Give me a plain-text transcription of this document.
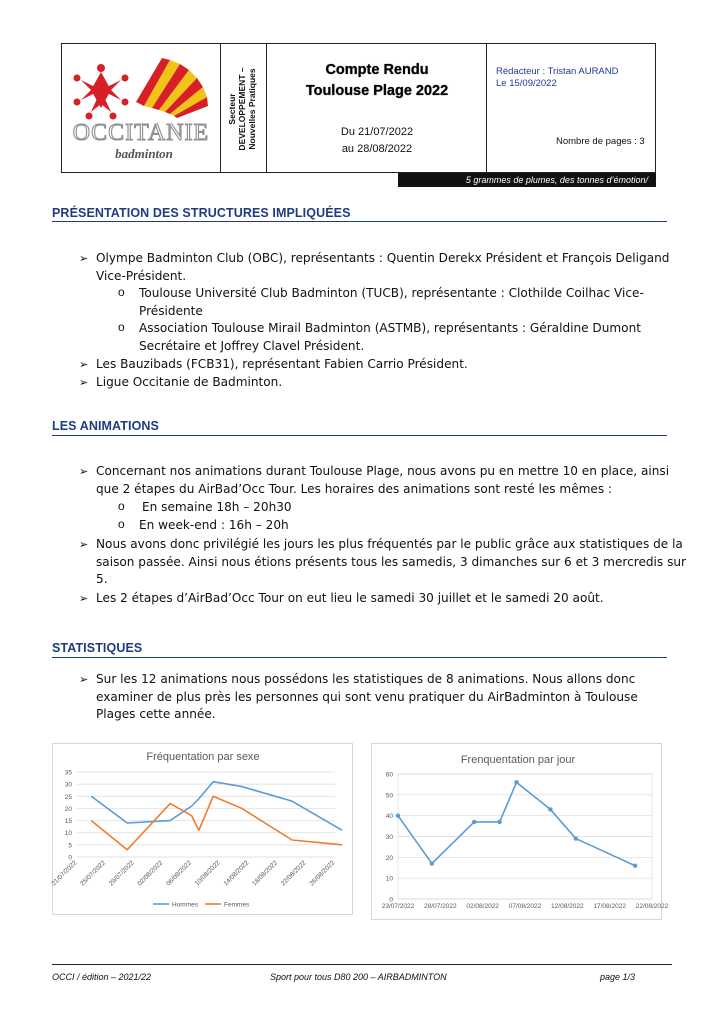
OCCITANIE
badminton
Secteur DEVELOPPEMENT – Nouvelles Pratiques	Compte Rendu
Toulouse Plage 2022
Du 21/07/2022
au 28/08/2022
Rédacteur : Tristan AURAND
Le 15/09/2022
Nombre de pages : 3
5 grammes de plumes, des tonnes d’émotion/
PRÉSENTATION DES STRUCTURES IMPLIQUÉES
➢ Olympe Badminton Club (OBC), représentants : Quentin Derekx Président et François Deligand
Vice-Président.
o Toulouse Université Club Badminton (TUCB), représentante : Clothilde Coilhac Vice-
Présidente
o Association Toulouse Mirail Badminton (ASTMB), représentants : Géraldine Dumont
Secrétaire et Joffrey Clavel Président.
➢ Les Bauzibads (FCB31), représentant Fabien Carrio Président.
➢ Ligue Occitanie de Badminton.
LES ANIMATIONS
➢ Concernant nos animations durant Toulouse Plage, nous avons pu en mettre 10 en place, ainsi
que 2 étapes du AirBad’Occ Tour. Les horaires des animations sont resté les mêmes :
o En semaine 18h – 20h30
o En week-end : 16h – 20h
➢ Nous avons donc privilégié les jours les plus fréquentés par le public grâce aux statistiques de la
saison passée. Ainsi nous étions présents tous les samedis, 3 dimanches sur 6 et 3 mercredis sur
5.
➢ Les 2 étapes d’AirBad’Occ Tour on eut lieu le samedi 30 juillet et le samedi 20 août.
STATISTIQUES
➢ Sur les 12 animations nous possédons les statistiques de 8 animations. Nous allons donc
examiner de plus près les personnes qui sont venu pratiquer du AirBadminton à Toulouse
Plages cette année.
Fréquentation par sexe
0
5
10
15
20
25
30
35
21/07/2022 25/07/2022 29/07/2022 02/08/2022 06/08/2022 10/08/2022 14/08/2022 18/08/2022 22/08/2022 26/08/2022
Hommes	Femmes
Frenquentation par jour
0
10
20
30
40
50
60
23/07/2022 28/07/2022 02/08/2022 07/08/2022 12/08/2022 17/08/2022 22/08/2022
OCCI / édition – 2021/22	Sport pour tous D80 200 – AIRBADMINTON	page 1/3
